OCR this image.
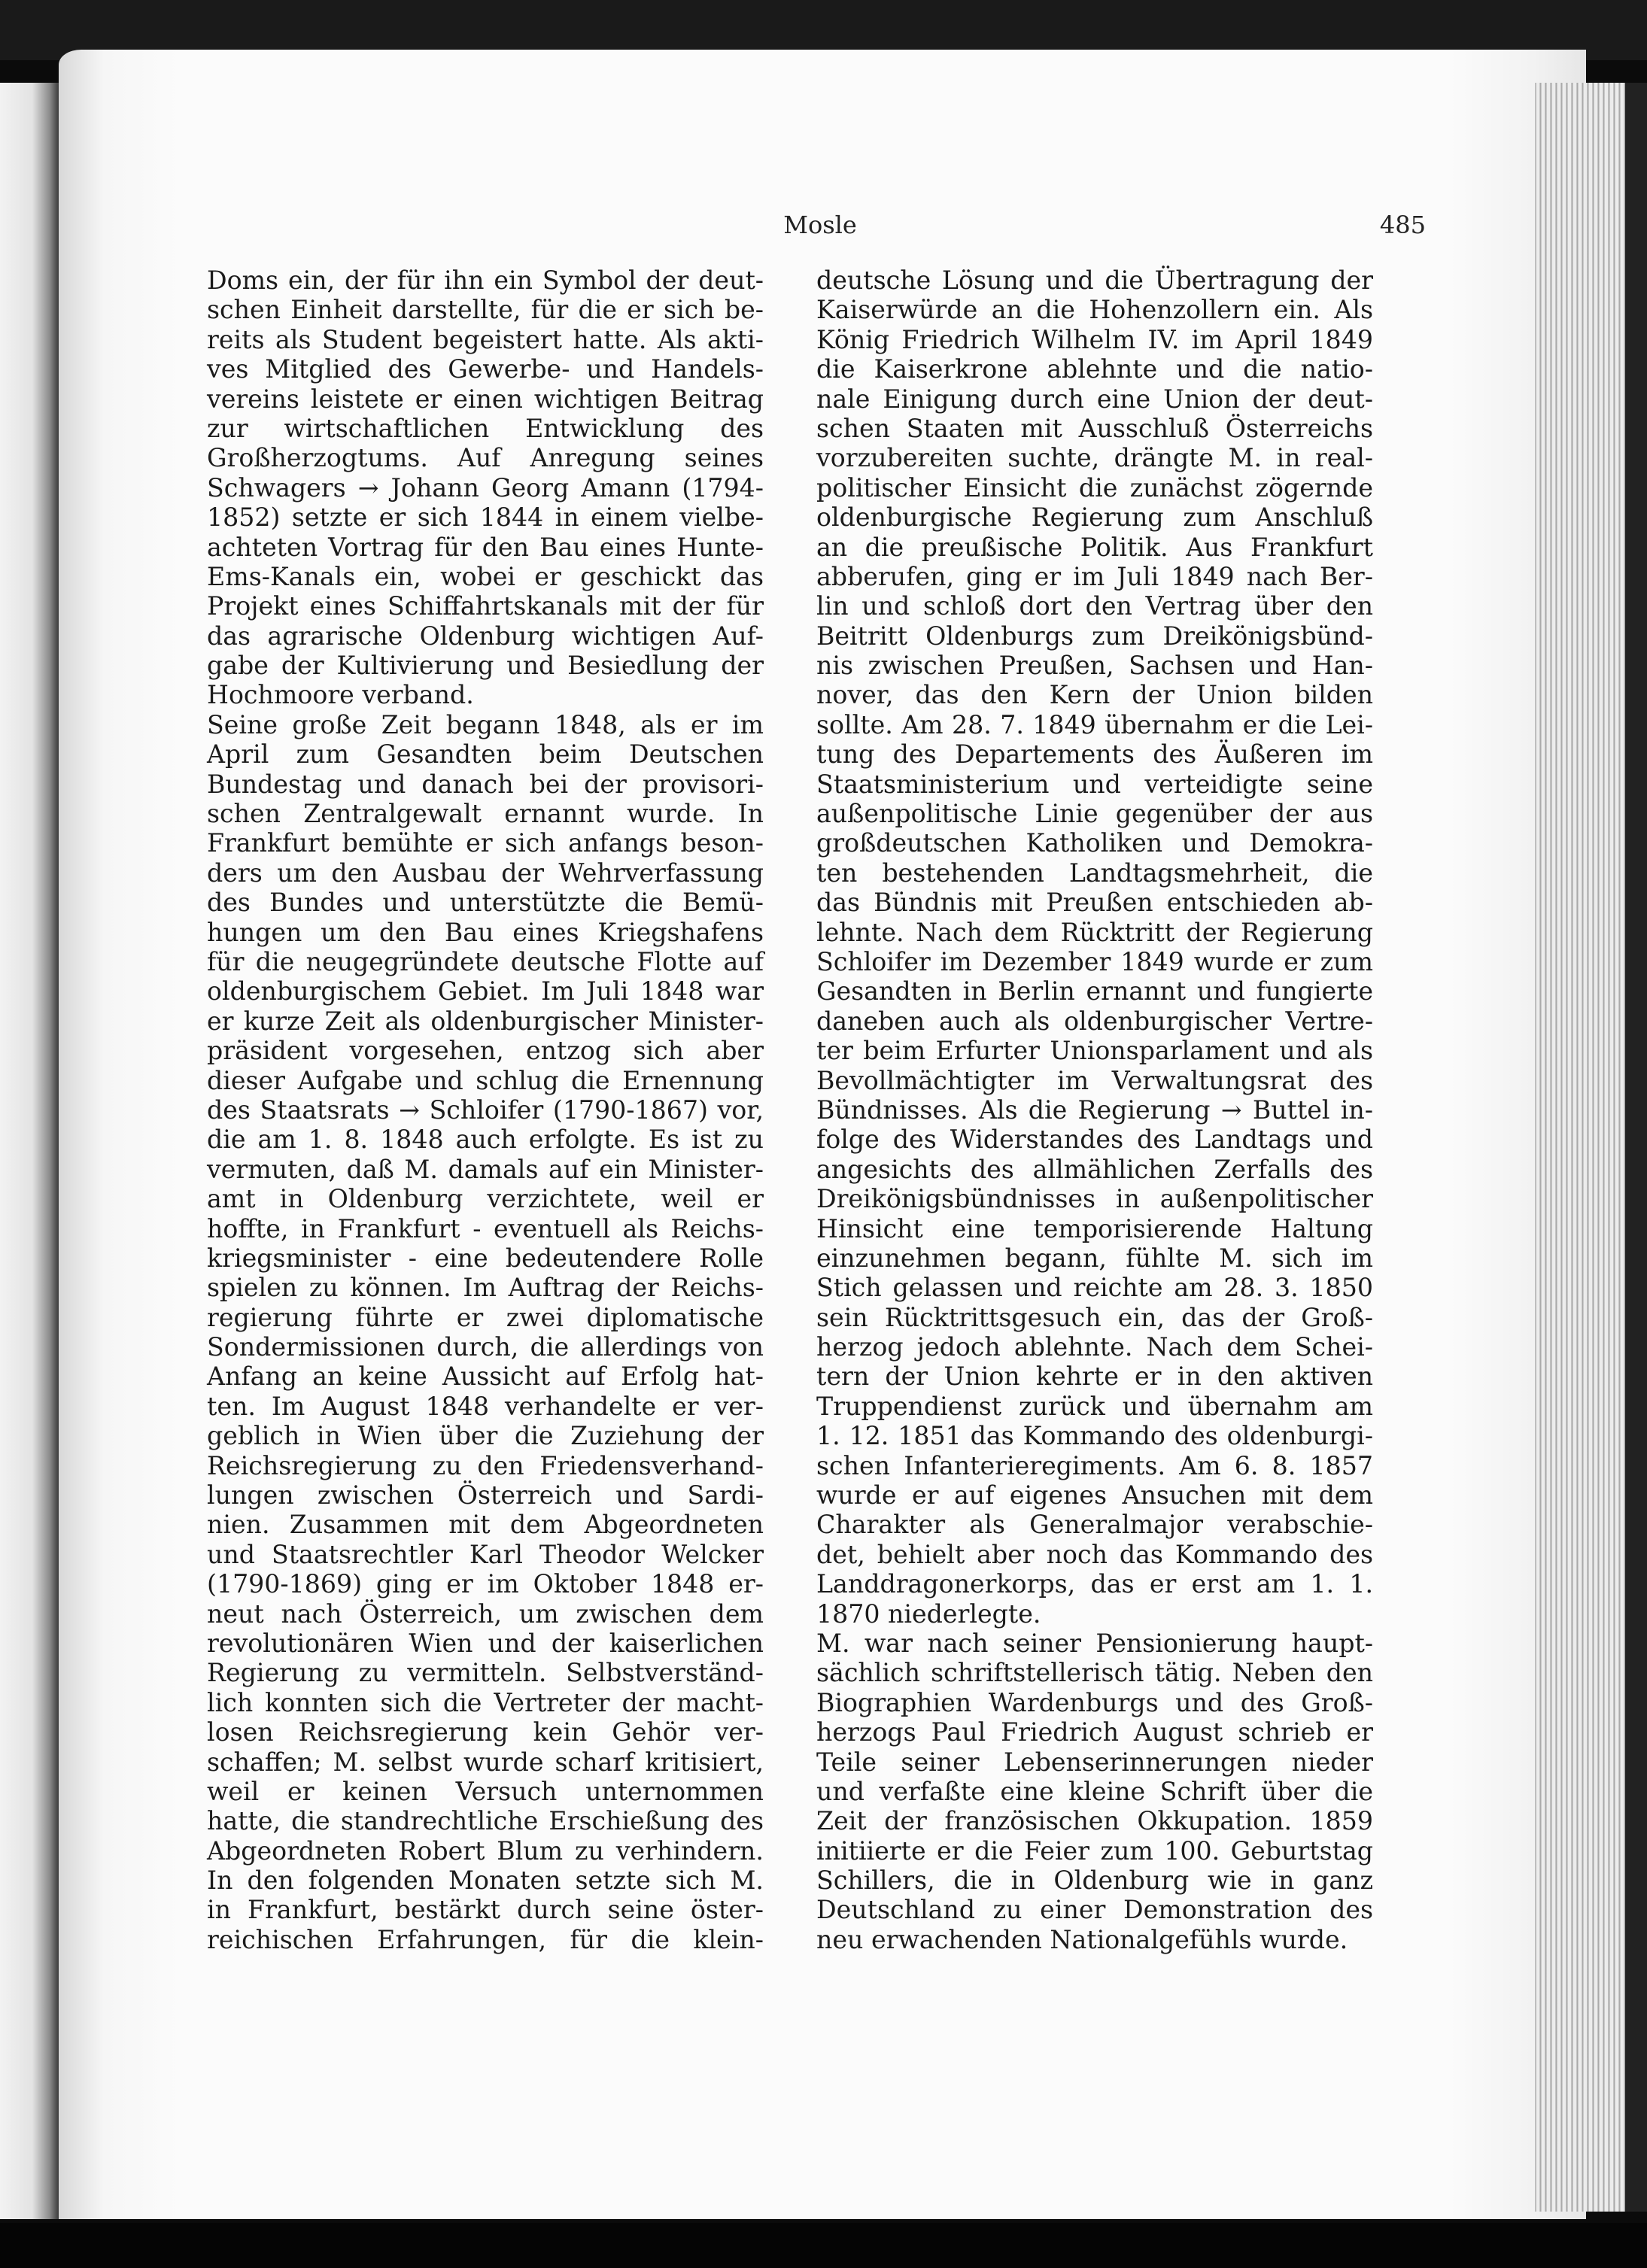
Mosle	485
Doms ein, der für ihn ein Symbol der deut-
schen Einheit darstellte, für die er sich be-
reits als Student begeistert hatte. Als akti-
ves Mitglied des Gewerbe- und Handels-
vereins leistete er einen wichtigen Beitrag
zur wirtschaftlichen Entwicklung des
Großherzogtums. Auf Anregung seines
Schwagers → Johann Georg Amann (1794-
1852) setzte er sich 1844 in einem vielbe-
achteten Vortrag für den Bau eines Hunte-
Ems-Kanals ein, wobei er geschickt das
Projekt eines Schiffahrtskanals mit der für
das agrarische Oldenburg wichtigen Auf-
gabe der Kultivierung und Besiedlung der
Hochmoore verband.
Seine große Zeit begann 1848, als er im
April zum Gesandten beim Deutschen
Bundestag und danach bei der provisori-
schen Zentralgewalt ernannt wurde. In
Frankfurt bemühte er sich anfangs beson-
ders um den Ausbau der Wehrverfassung
des Bundes und unterstützte die Bemü-
hungen um den Bau eines Kriegshafens
für die neugegründete deutsche Flotte auf
oldenburgischem Gebiet. Im Juli 1848 war
er kurze Zeit als oldenburgischer Minister-
präsident vorgesehen, entzog sich aber
dieser Aufgabe und schlug die Ernennung
des Staatsrats → Schloifer (1790-1867) vor,
die am 1. 8. 1848 auch erfolgte. Es ist zu
vermuten, daß M. damals auf ein Minister-
amt in Oldenburg verzichtete, weil er
hoffte, in Frankfurt - eventuell als Reichs-
kriegsminister - eine bedeutendere Rolle
spielen zu können. Im Auftrag der Reichs-
regierung führte er zwei diplomatische
Sondermissionen durch, die allerdings von
Anfang an keine Aussicht auf Erfolg hat-
ten. Im August 1848 verhandelte er ver-
geblich in Wien über die Zuziehung der
Reichsregierung zu den Friedensverhand-
lungen zwischen Österreich und Sardi-
nien. Zusammen mit dem Abgeordneten
und Staatsrechtler Karl Theodor Welcker
(1790-1869) ging er im Oktober 1848 er-
neut nach Österreich, um zwischen dem
revolutionären Wien und der kaiserlichen
Regierung zu vermitteln. Selbstverständ-
lich konnten sich die Vertreter der macht-
losen Reichsregierung kein Gehör ver-
schaffen; M. selbst wurde scharf kritisiert,
weil er keinen Versuch unternommen
hatte, die standrechtliche Erschießung des
Abgeordneten Robert Blum zu verhindern.
In den folgenden Monaten setzte sich M.
in Frankfurt, bestärkt durch seine öster-
reichischen Erfahrungen, für die klein-
deutsche Lösung und die Übertragung der
Kaiserwürde an die Hohenzollern ein. Als
König Friedrich Wilhelm IV. im April 1849
die Kaiserkrone ablehnte und die natio-
nale Einigung durch eine Union der deut-
schen Staaten mit Ausschluß Österreichs
vorzubereiten suchte, drängte M. in real-
politischer Einsicht die zunächst zögernde
oldenburgische Regierung zum Anschluß
an die preußische Politik. Aus Frankfurt
abberufen, ging er im Juli 1849 nach Ber-
lin und schloß dort den Vertrag über den
Beitritt Oldenburgs zum Dreikönigsbünd-
nis zwischen Preußen, Sachsen und Han-
nover, das den Kern der Union bilden
sollte. Am 28. 7. 1849 übernahm er die Lei-
tung des Departements des Äußeren im
Staatsministerium und verteidigte seine
außenpolitische Linie gegenüber der aus
großdeutschen Katholiken und Demokra-
ten bestehenden Landtagsmehrheit, die
das Bündnis mit Preußen entschieden ab-
lehnte. Nach dem Rücktritt der Regierung
Schloifer im Dezember 1849 wurde er zum
Gesandten in Berlin ernannt und fungierte
daneben auch als oldenburgischer Vertre-
ter beim Erfurter Unionsparlament und als
Bevollmächtigter im Verwaltungsrat des
Bündnisses. Als die Regierung → Buttel in-
folge des Widerstandes des Landtags und
angesichts des allmählichen Zerfalls des
Dreikönigsbündnisses in außenpolitischer
Hinsicht eine temporisierende Haltung
einzunehmen begann, fühlte M. sich im
Stich gelassen und reichte am 28. 3. 1850
sein Rücktrittsgesuch ein, das der Groß-
herzog jedoch ablehnte. Nach dem Schei-
tern der Union kehrte er in den aktiven
Truppendienst zurück und übernahm am
1. 12. 1851 das Kommando des oldenburgi-
schen Infanterieregiments. Am 6. 8. 1857
wurde er auf eigenes Ansuchen mit dem
Charakter als Generalmajor verabschie-
det, behielt aber noch das Kommando des
Landdragonerkorps, das er erst am 1. 1.
1870 niederlegte.
M. war nach seiner Pensionierung haupt-
sächlich schriftstellerisch tätig. Neben den
Biographien Wardenburgs und des Groß-
herzogs Paul Friedrich August schrieb er
Teile seiner Lebenserinnerungen nieder
und verfaßte eine kleine Schrift über die
Zeit der französischen Okkupation. 1859
initiierte er die Feier zum 100. Geburtstag
Schillers, die in Oldenburg wie in ganz
Deutschland zu einer Demonstration des
neu erwachenden Nationalgefühls wurde.
